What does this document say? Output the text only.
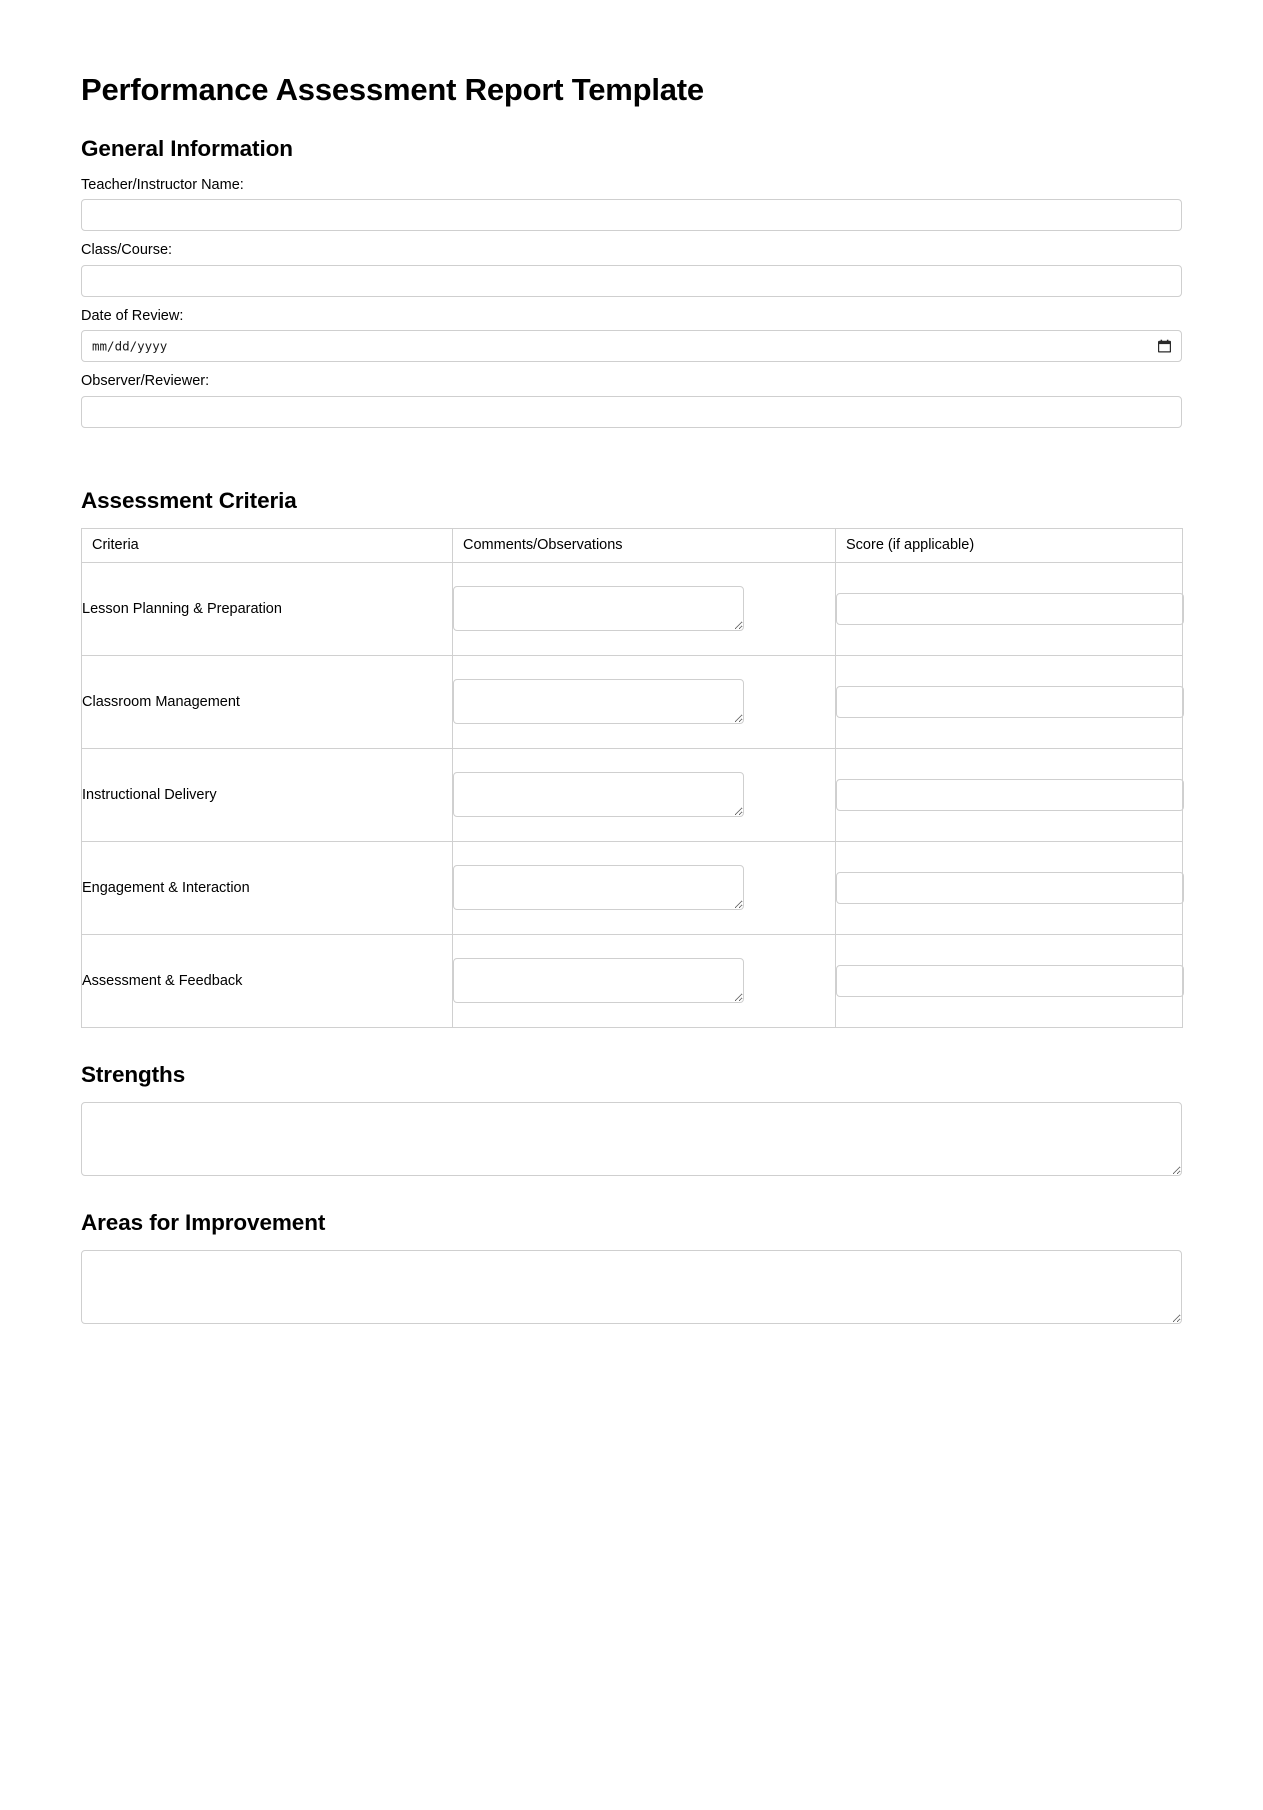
Performance Assessment Report Template
General Information
Teacher/Instructor Name:
Class/Course:
Date of Review:
mm/dd/yyyy
Observer/Reviewer:
Assessment Criteria
Criteria	Comments/Observations	Score (if applicable)
Lesson Planning & Preparation	

Classroom Management	

Instructional Delivery	

Engagement & Interaction	

Assessment & Feedback	

Strengths
Areas for Improvement
